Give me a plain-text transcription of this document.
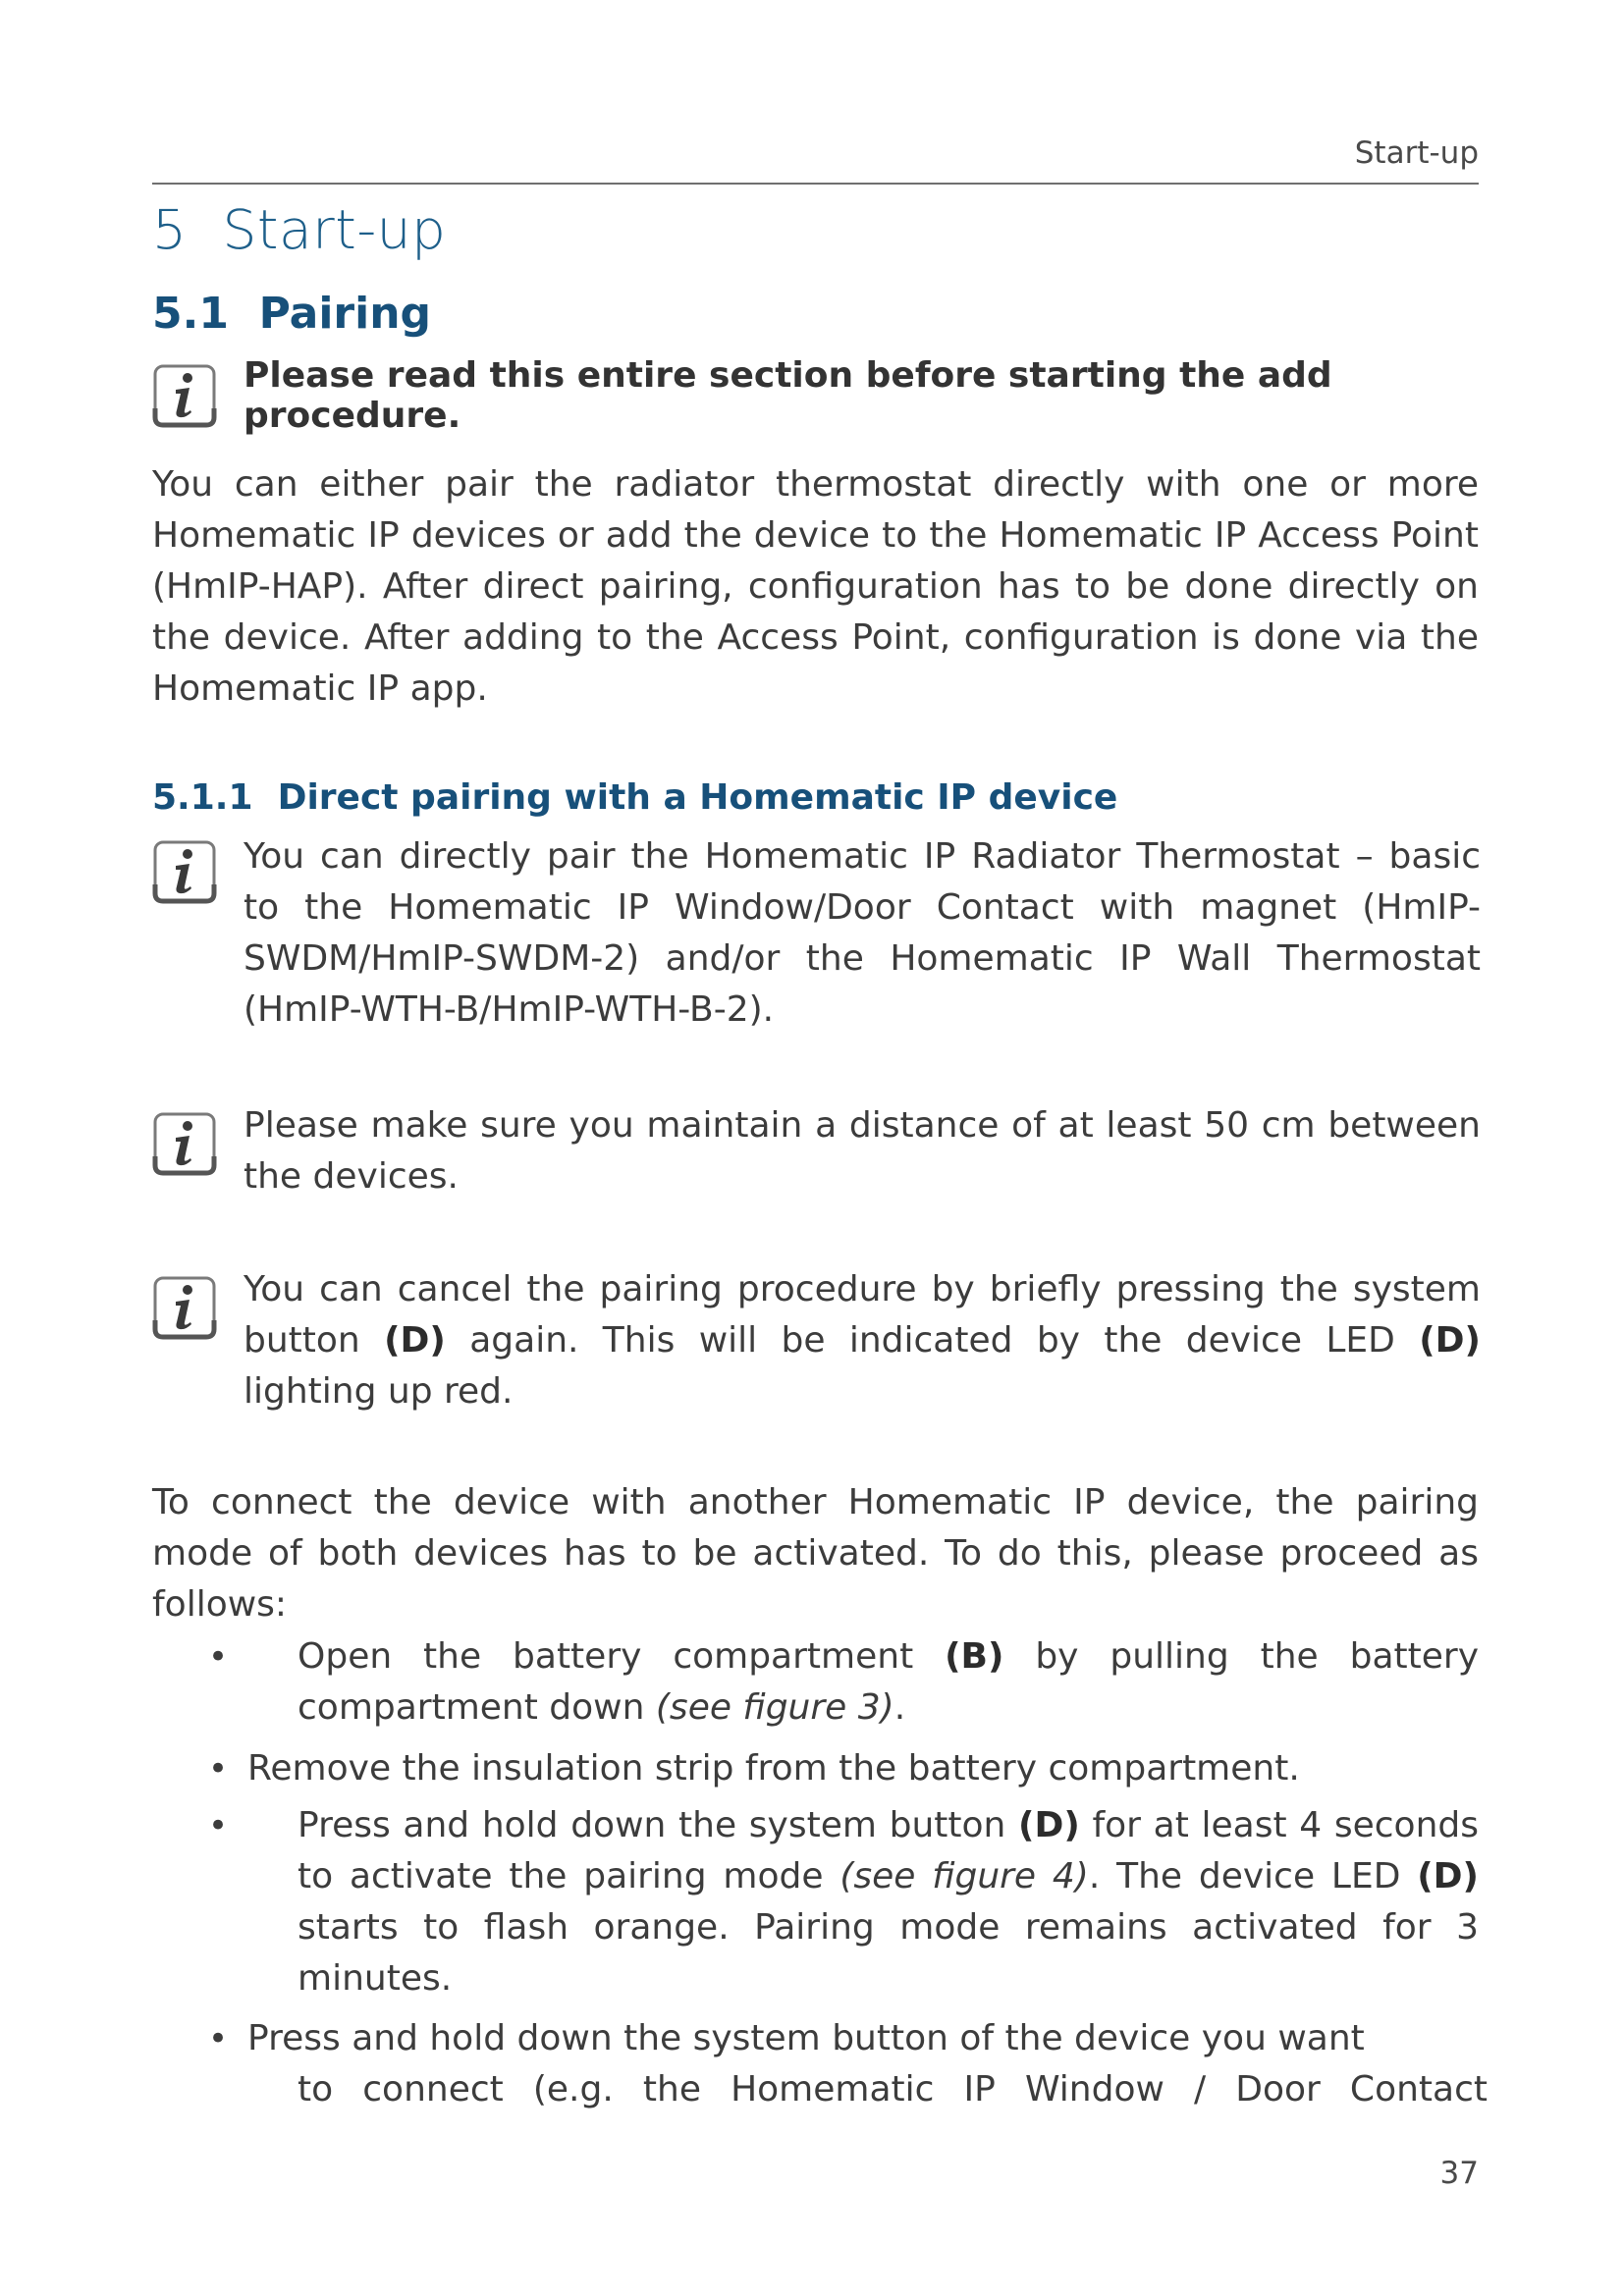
Start-up
5 Start-up
5.1 Pairing
Please read this entire section before starting the add procedure.
You can either pair the radiator thermostat directly with one or more Homematic IP devices or add the device to the Homematic IP Access Point (HmIP-HAP). After direct pairing, configuration has to be done directly on the device. After adding to the Access Point, configuration is done via the Homematic IP app.
5.1.1 Direct pairing with a Homematic IP device
You can directly pair the Homematic IP Radiator Thermostat – basic to the Homematic IP Window/Door Contact with magnet (HmIP-SWDM/HmIP-SWDM-2) and/or the Homematic IP Wall Thermostat (HmIP-WTH-B/HmIP-WTH-B-2).
Please make sure you maintain a distance of at least 50 cm between the devices.
You can cancel the pairing procedure by briefly pressing the system button (D) again. This will be indicated by the device LED (D) lighting up red.
To connect the device with another Homematic IP device, the pairing mode of both devices has to be activated. To do this, please proceed as follows:
• Open the battery compartment (B) by pulling the battery compartment down (see figure 3).
• Remove the insulation strip from the battery compartment.
• Press and hold down the system button (D) for at least 4 seconds to activate the pairing mode (see figure 4). The device LED (D) starts to flash orange. Pairing mode remains activated for 3 minutes.
• Press and hold down the system button of the device you want
to connect (e.g. the Homematic IP Window / Door Contact
37
